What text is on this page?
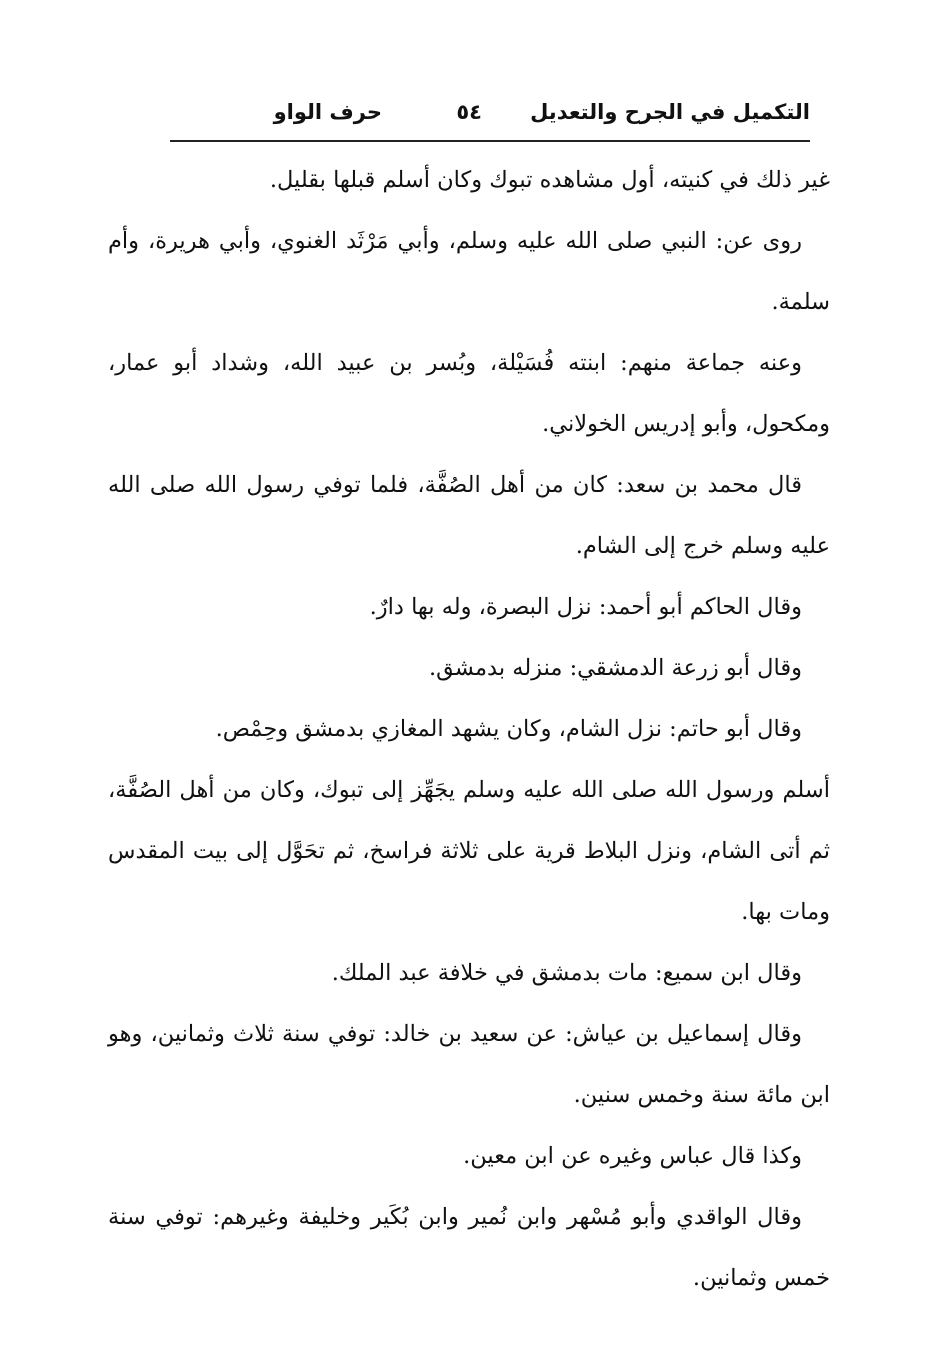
التكميل في الجرح والتعديل
٥٤
حرف الواو

غير ذلك في كنيته، أول مشاهده تبوك وكان أسلم قبلها بقليل.

روى عن: النبي صلى الله عليه وسلم، وأبي مَرْثَد الغنوي، وأبي هريرة، وأم سلمة.

وعنه جماعة منهم: ابنته فُسَيْلة، وبُسر بن عبيد الله، وشداد أبو عمار، ومكحول، وأبو إدريس الخولاني.

قال محمد بن سعد: كان من أهل الصُفَّة، فلما توفي رسول الله صلى الله عليه وسلم خرج إلى الشام.

وقال الحاكم أبو أحمد: نزل البصرة، وله بها دارٌ.

وقال أبو زرعة الدمشقي: منزله بدمشق.

وقال أبو حاتم: نزل الشام، وكان يشهد المغازي بدمشق وحِمْص.

أسلم ورسول الله صلى الله عليه وسلم يجَهِّز إلى تبوك، وكان من أهل الصُفَّة، ثم أتى الشام، ونزل البلاط قرية على ثلاثة فراسخ، ثم تحَوَّل إلى بيت المقدس ومات بها.

وقال ابن سميع: مات بدمشق في خلافة عبد الملك.

وقال إسماعيل بن عياش: عن سعيد بن خالد: توفي سنة ثلاث وثمانين، وهو ابن مائة سنة وخمس سنين.

وكذا قال عباس وغيره عن ابن معين.

وقال الواقدي وأبو مُسْهر وابن نُمير وابن بُكَير وخليفة وغيرهم: توفي سنة خمس وثمانين.
